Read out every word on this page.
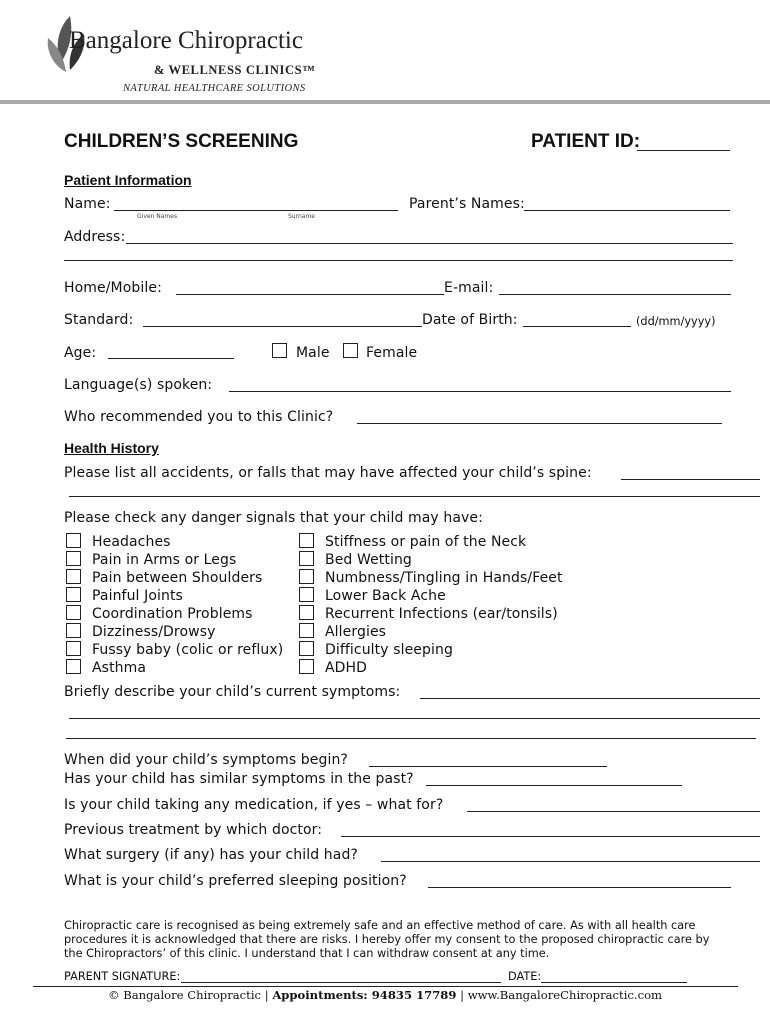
Bangalore Chiropractic
& WELLNESS CLINICS™
NATURAL HEALTHCARE SOLUTIONS
CHILDREN’S SCREENING	PATIENT ID:
Patient Information
Name:
Given Names	Surname
Parent’s Names:
Address:
Home/Mobile:	E-mail:
Standard:	Date of Birth:	(dd/mm/yyyy)
Age:	Male	Female
Language(s) spoken:
Who recommended you to this Clinic?
Health History
Please list all accidents, or falls that may have affected your child’s spine:
Please check any danger signals that your child may have:
Headaches
Pain in Arms or Legs
Pain between Shoulders
Painful Joints
Coordination Problems
Dizziness/Drowsy
Fussy baby (colic or reflux)
Asthma
Stiffness or pain of the Neck
Bed Wetting
Numbness/Tingling in Hands/Feet
Lower Back Ache
Recurrent Infections (ear/tonsils)
Allergies
Difficulty sleeping
ADHD
Briefly describe your child’s current symptoms:
When did your child’s symptoms begin?
Has your child has similar symptoms in the past?
Is your child taking any medication, if yes – what for?
Previous treatment by which doctor:
What surgery (if any) has your child had?
What is your child’s preferred sleeping position?
Chiropractic care is recognised as being extremely safe and an effective method of care. As with all health care
procedures it is acknowledged that there are risks. I hereby offer my consent to the proposed chiropractic care by
the Chiropractors’ of this clinic. I understand that I can withdraw consent at any time.
PARENT SIGNATURE:	DATE:
© Bangalore Chiropractic | Appointments: 94835 17789 | www.BangaloreChiropractic.com
